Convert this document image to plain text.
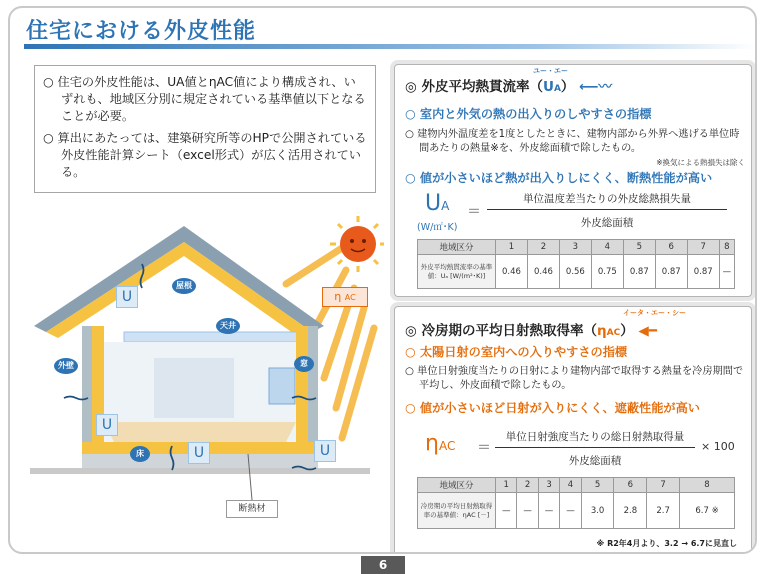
住宅における外皮性能

○ 住宅の外皮性能は、UA値とηAC値により構成され、いずれも、地域区分別に規定されている基準値以下となることが必要。

○ 算出にあたっては、建築研究所等のHPで公開されている外皮性能計算シート（excel形式）が広く活用されている。

U
U
U	U
屋根
天井
外壁	窓
床
η AC
断熱材
ユー・エー
◎ 外皮平均熱貫流率（UA） ⟵〰
○ 室内と外気の熱の出入りのしやすさの指標
○ 建物内外温度差を1度としたときに、建物内部から外界へ逃げる単位時間あたりの熱量※を、外皮総面積で除したもの。
※換気による熱損失は除く
○ 値が小さいほど熱が出入りしにくく、断熱性能が高い
UA
(W/㎡･K)
＝
単位温度差当たりの外皮総熱損失量
外皮総面積
地域区分	1	2	3	4	5	6	7	8
外皮平均熱貫流率の基準値：Uₐ [W/(m²･K)]	0.46	0.46	0.56	0.75	0.87	0.87	0.87	—
イータ・エー・シー
◎ 冷房期の平均日射熱取得率（ηAC） ◀━
○ 太陽日射の室内への入りやすさの指標
○ 単位日射強度当たりの日射により建物内部で取得する熱量を冷房期間で平均し、外皮面積で除したもの。
○ 値が小さいほど日射が入りにくく、遮蔽性能が高い
ηAC ＝
単位日射強度当たりの総日射熱取得量
外皮総面積
× 100
地域区分	1	2	3	4	5	6	7	8
冷房期の平均日射熱取得率の基準値：ηAC [－]	—	—	—	—	3.0	2.8	2.7	6.7 ※
※ R2年4月より、3.2 → 6.7に見直し
6
